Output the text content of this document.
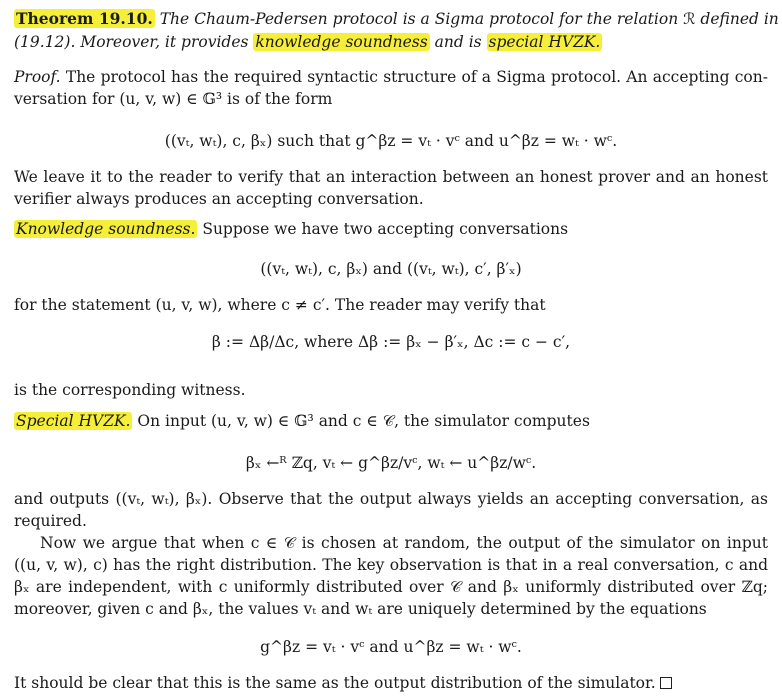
Theorem 19.10. The Chaum-Pedersen protocol is a Sigma protocol for the relation ℛ defined in
(19.12). Moreover, it provides knowledge soundness and is special HVZK.
Proof. The protocol has the required syntactic structure of a Sigma protocol. An accepting con-
versation for (u, v, w) ∈ 𝔾³ is of the form
((vₜ, wₜ), c, βₓ) such that g^βz = vₜ · vᶜ and u^βz = wₜ · wᶜ.
We leave it to the reader to verify that an interaction between an honest prover and an honest
verifier always produces an accepting conversation.
Knowledge soundness. Suppose we have two accepting conversations
((vₜ, wₜ), c, βₓ) and ((vₜ, wₜ), c′, β′ₓ)
for the statement (u, v, w), where c ≠ c′. The reader may verify that
β := Δβ/Δc, where Δβ := βₓ − β′ₓ, Δc := c − c′,
is the corresponding witness.
Special HVZK. On input (u, v, w) ∈ 𝔾³ and c ∈ 𝒞, the simulator computes
βₓ ←ᴿ ℤq, vₜ ← g^βz/vᶜ, wₜ ← u^βz/wᶜ.
and outputs ((vₜ, wₜ), βₓ). Observe that the output always yields an accepting conversation, as
required.
Now we argue that when c ∈ 𝒞 is chosen at random, the output of the simulator on input
((u, v, w), c) has the right distribution. The key observation is that in a real conversation, c and
βₓ are independent, with c uniformly distributed over 𝒞 and βₓ uniformly distributed over ℤq;
moreover, given c and βₓ, the values vₜ and wₜ are uniquely determined by the equations
g^βz = vₜ · vᶜ and u^βz = wₜ · wᶜ.
It should be clear that this is the same as the output distribution of the simulator.
